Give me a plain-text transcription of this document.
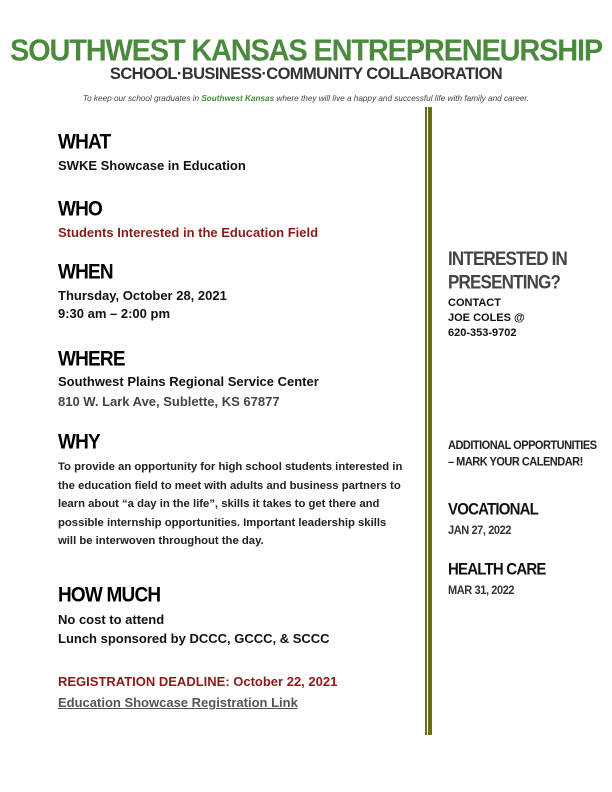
SOUTHWEST KANSAS ENTREPRENEURSHIP
SCHOOL·BUSINESS·COMMUNITY COLLABORATION
To keep our school graduates in Southwest Kansas where they will live a happy and successful life with family and career.
WHAT
SWKE Showcase in Education
WHO
Students Interested in the Education Field
WHEN
Thursday, October 28, 2021
9:30 am – 2:00 pm
WHERE
Southwest Plains Regional Service Center
810 W. Lark Ave, Sublette, KS 67877
WHY
To provide an opportunity for high school students interested in the education field to meet with adults and business partners to learn about “a day in the life”, skills it takes to get there and possible internship opportunities. Important leadership skills will be interwoven throughout the day.
HOW MUCH
No cost to attend
Lunch sponsored by DCCC, GCCC, & SCCC
REGISTRATION DEADLINE: October 22, 2021
Education Showcase Registration Link
INTERESTED IN PRESENTING?
CONTACT
JOE COLES @
620-353-9702
ADDITIONAL OPPORTUNITIES – MARK YOUR CALENDAR!
VOCATIONAL
JAN 27, 2022
HEALTH CARE
MAR 31, 2022
